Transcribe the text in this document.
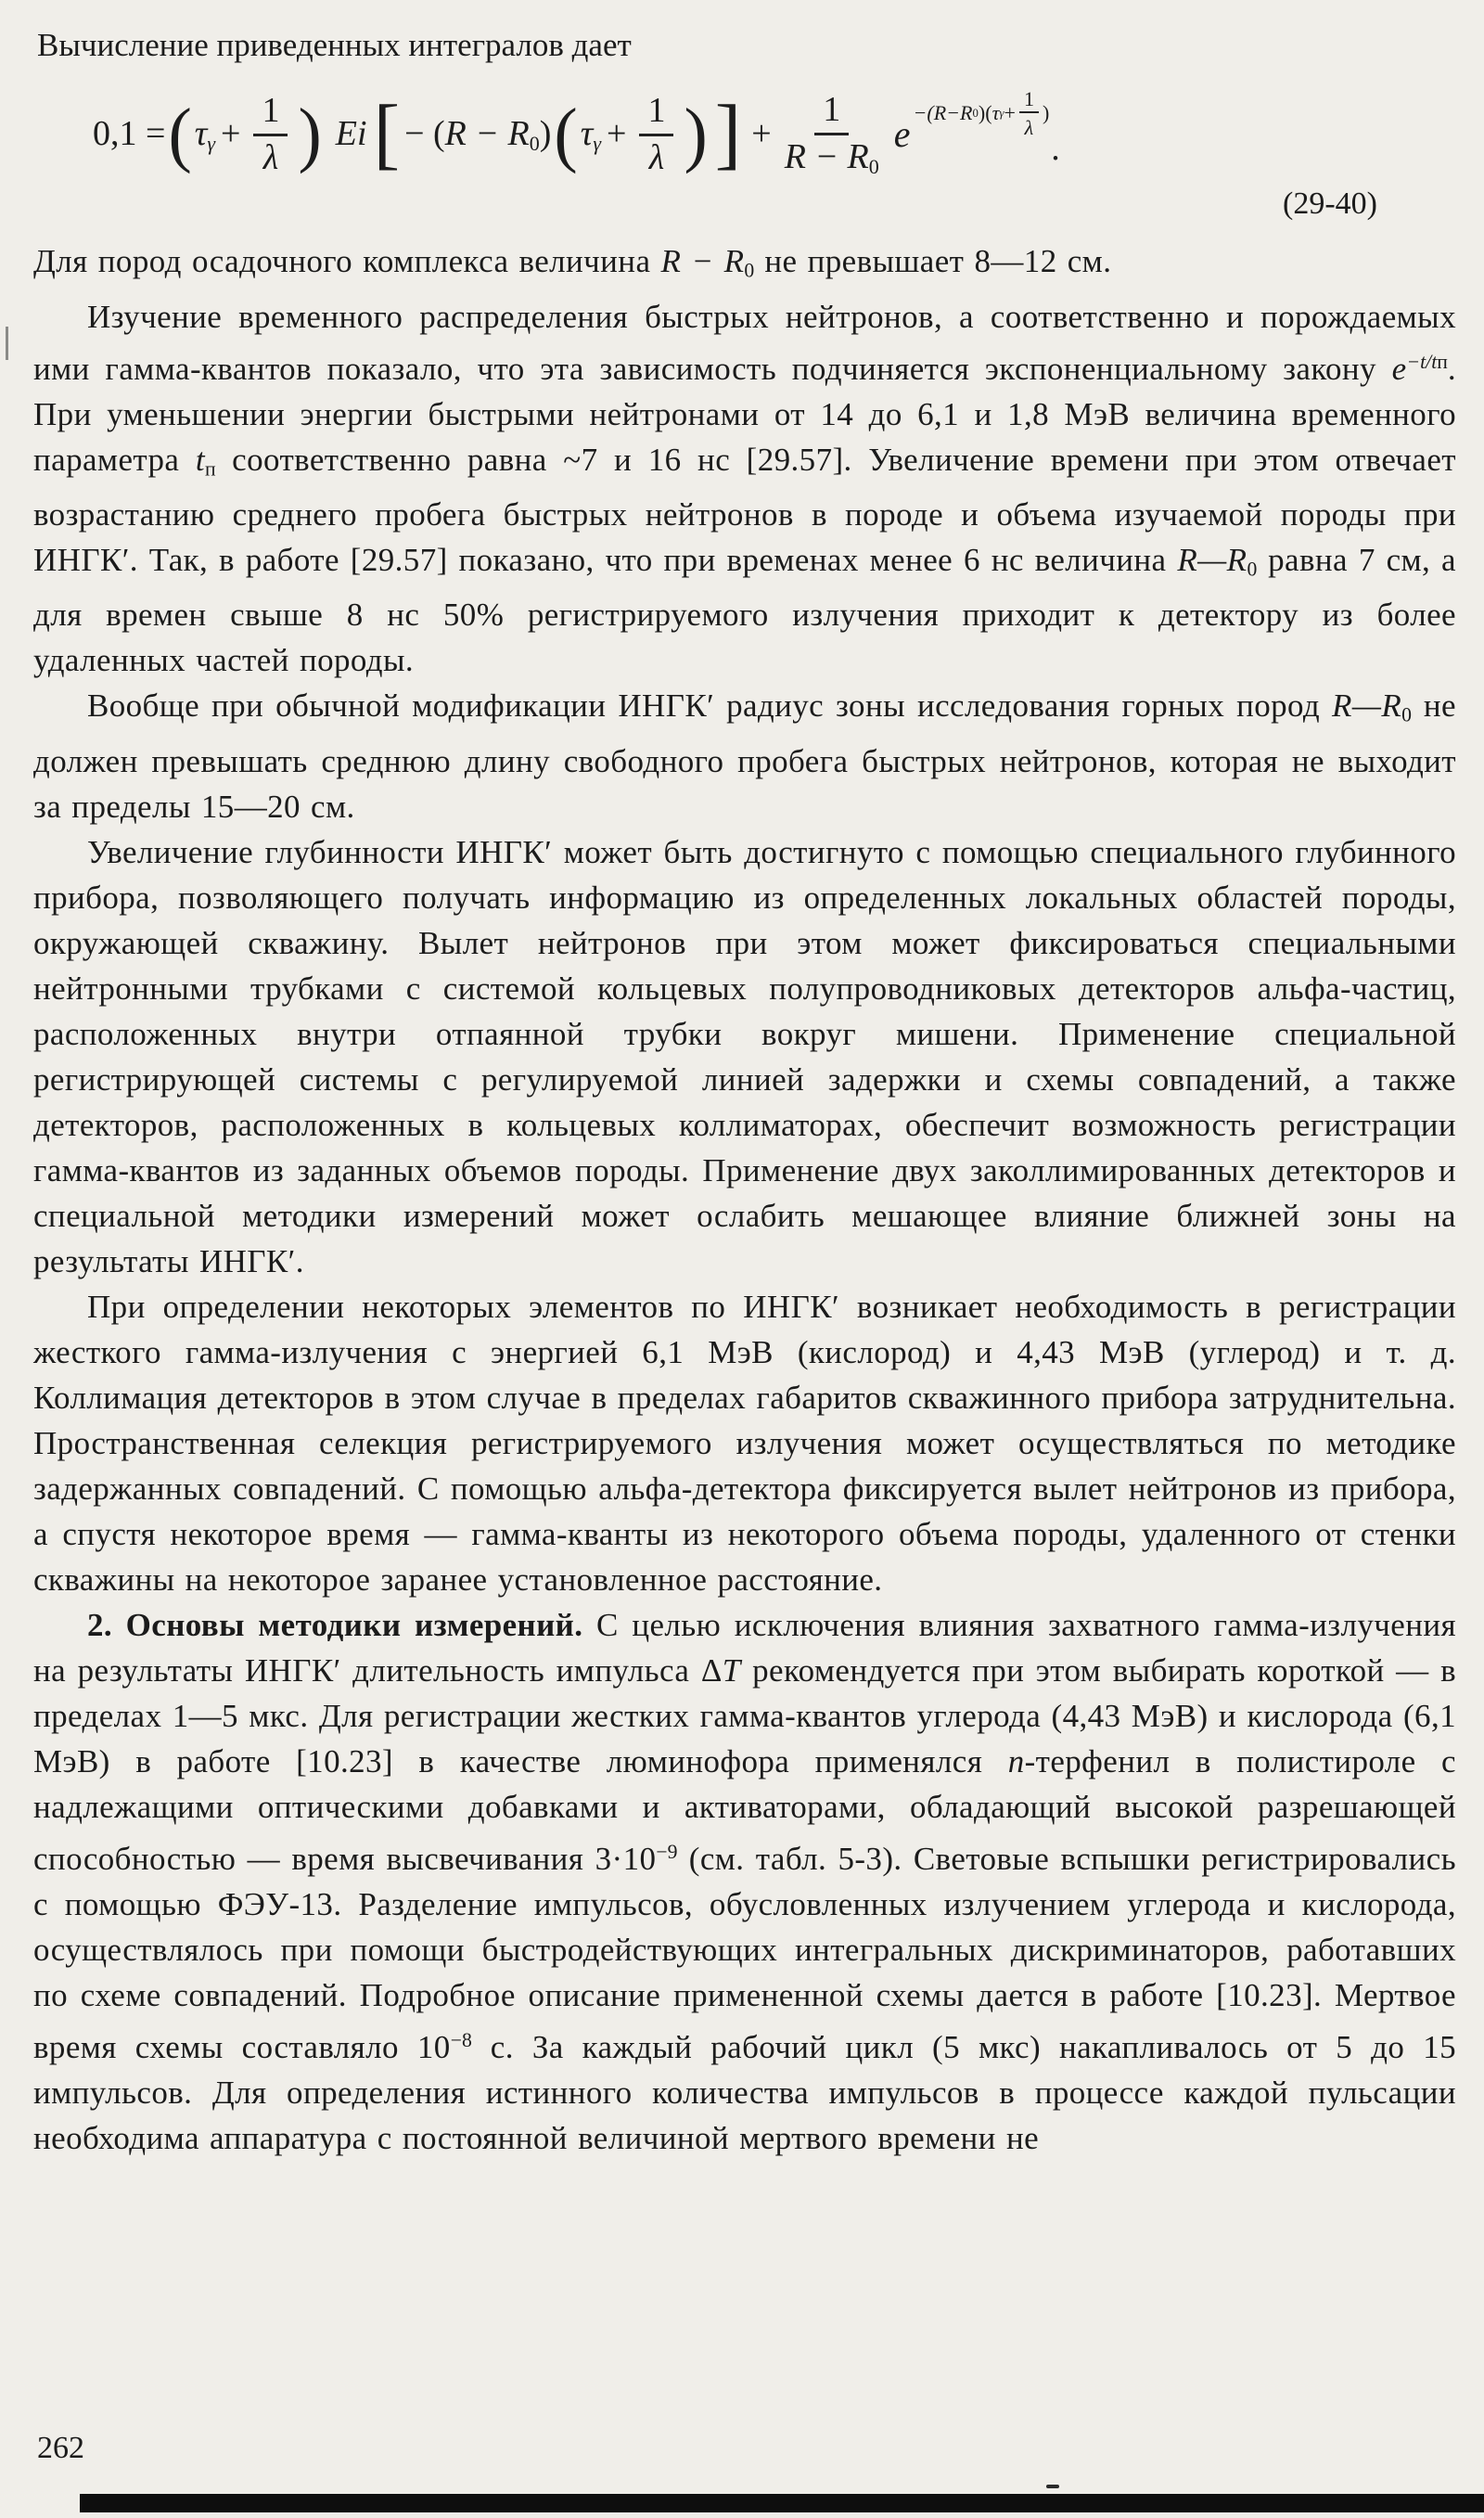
Вычисление приведенных интегралов дает
0,1 = ( $\tau\gamma + \frac{1}{\lambda}$ ) Ei [ − (R − R0) ( $\tau\gamma + \frac{1}{\lambda}$ ) ] + $\frac{1}{R - R0}$ e
−(R−R 0 ) ( τ $\gamma + \frac{1}{\lambda}$ )
.
(29-40)

Для пород осадочного комплекса величина R − R0 не превышает 8—12 см.

Изучение временного распределения быстрых нейтронов, а соответственно и порождаемых ими гамма-квантов показало, что эта зависимость подчиняется экспоненциальному закону $e^{-t/tп}$. При уменьшении энергии быстрыми нейтронами от 14 до 6,1 и 1,8 МэВ величина временного параметра tп соответственно равна ~7 и 16 нс [29.57]. Увеличение времени при этом отвечает возрастанию среднего пробега быстрых нейтронов в породе и объема изучаемой породы при ИНГК′. Так, в работе [29.57] показано, что при временах менее 6 нс величина R—R0 равна 7 см, а для времен свыше 8 нс 50% регистрируемого излучения приходит к детектору из более удаленных частей породы.

Вообще при обычной модификации ИНГК′ радиус зоны исследования горных пород R—R0 не должен превышать среднюю длину свободного пробега быстрых нейтронов, которая не выходит за пределы 15—20 см.

Увеличение глубинности ИНГК′ может быть достигнуто с помощью специального глубинного прибора, позволяющего получать информацию из определенных локальных областей породы, окружающей скважину. Вылет нейтронов при этом может фиксироваться специальными нейтронными трубками с системой кольцевых полупроводниковых детекторов альфа-частиц, расположенных внутри отпаянной трубки вокруг мишени. Применение специальной регистрирующей системы с регулируемой линией задержки и схемы совпадений, а также детекторов, расположенных в кольцевых коллиматорах, обеспечит возможность регистрации гамма-квантов из заданных объемов породы. Применение двух заколлимированных детекторов и специальной методики измерений может ослабить мешающее влияние ближней зоны на результаты ИНГК′.

При определении некоторых элементов по ИНГК′ возникает необходимость в регистрации жесткого гамма-излучения с энергией 6,1 МэВ (кислород) и 4,43 МэВ (углерод) и т. д. Коллимация детекторов в этом случае в пределах габаритов скважинного прибора затруднительна. Пространственная селекция регистрируемого излучения может осуществляться по методике задержанных совпадений. С помощью альфа-детектора фиксируется вылет нейтронов из прибора, а спустя некоторое время — гамма-кванты из некоторого объема породы, удаленного от стенки скважины на некоторое заранее установленное расстояние.

2. Основы методики измерений. С целью исключения влияния захватного гамма-излучения на результаты ИНГК′ длительность импульса ΔT рекомендуется при этом выбирать короткой — в пределах 1—5 мкс. Для регистрации жестких гамма-квантов углерода (4,43 МэВ) и кислорода (6,1 МэВ) в работе [10.23] в качестве люминофора применялся n-терфенил в полистироле с надлежащими оптическими добавками и активаторами, обладающий высокой разрешающей способностью — время высвечивания $3\cdot 10^{-9}$ (см. табл. 5-3). Световые вспышки регистрировались с помощью ФЭУ-13. Разделение импульсов, обусловленных излучением углерода и кислорода, осуществлялось при помощи быстродействующих интегральных дискриминаторов, работавших по схеме совпадений. Подробное описание примененной схемы дается в работе [10.23]. Мертвое время схемы составляло $10^{-8}$ с. За каждый рабочий цикл (5 мкс) накапливалось от 5 до 15 импульсов. Для определения истинного количества импульсов в процессе каждой пульсации необходима аппаратура с постоянной величиной мертвого времени не

262
